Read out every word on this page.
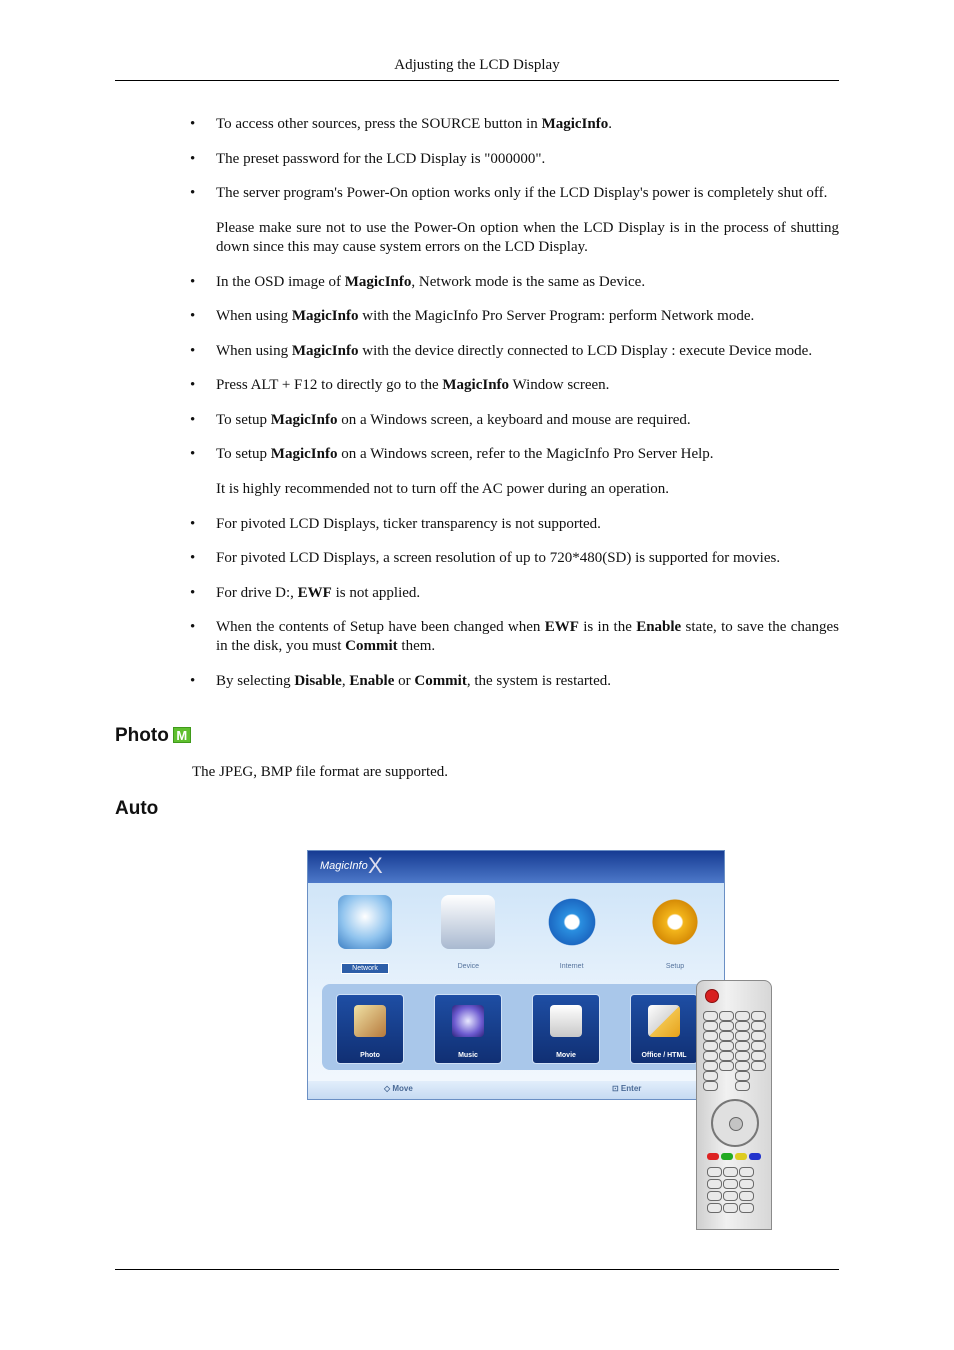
Adjusting the LCD Display
• To access other sources, press the SOURCE button in MagicInfo.
• The preset password for the LCD Display is "000000".
• The server program's Power-On option works only if the LCD Display's power is completely shut off.
Please make sure not to use the Power-On option when the LCD Display is in the process of shutting down since this may cause system errors on the LCD Display.
• In the OSD image of MagicInfo, Network mode is the same as Device.
• When using MagicInfo with the MagicInfo Pro Server Program: perform Network mode.
• When using MagicInfo with the device directly connected to LCD Display : execute Device mode.
• Press ALT + F12 to directly go to the MagicInfo Window screen.
• To setup MagicInfo on a Windows screen, a keyboard and mouse are required.
• To setup MagicInfo on a Windows screen, refer to the MagicInfo Pro Server Help.
It is highly recommended not to turn off the AC power during an operation.
• For pivoted LCD Displays, ticker transparency is not supported.
• For pivoted LCD Displays, a screen resolution of up to 720*480(SD) is supported for movies.
• For drive D:, EWF is not applied.
• When the contents of Setup have been changed when EWF is in the Enable state, to save the changes in the disk, you must Commit them.
• By selecting Disable, Enable or Commit, the system is restarted.
Photo M
The JPEG, BMP file format are supported.
Auto
MagicInfo X
Network	Device	Internet	Setup
Photo	Music	Movie	Office / HTML
◇ Move	⊡ Enter
